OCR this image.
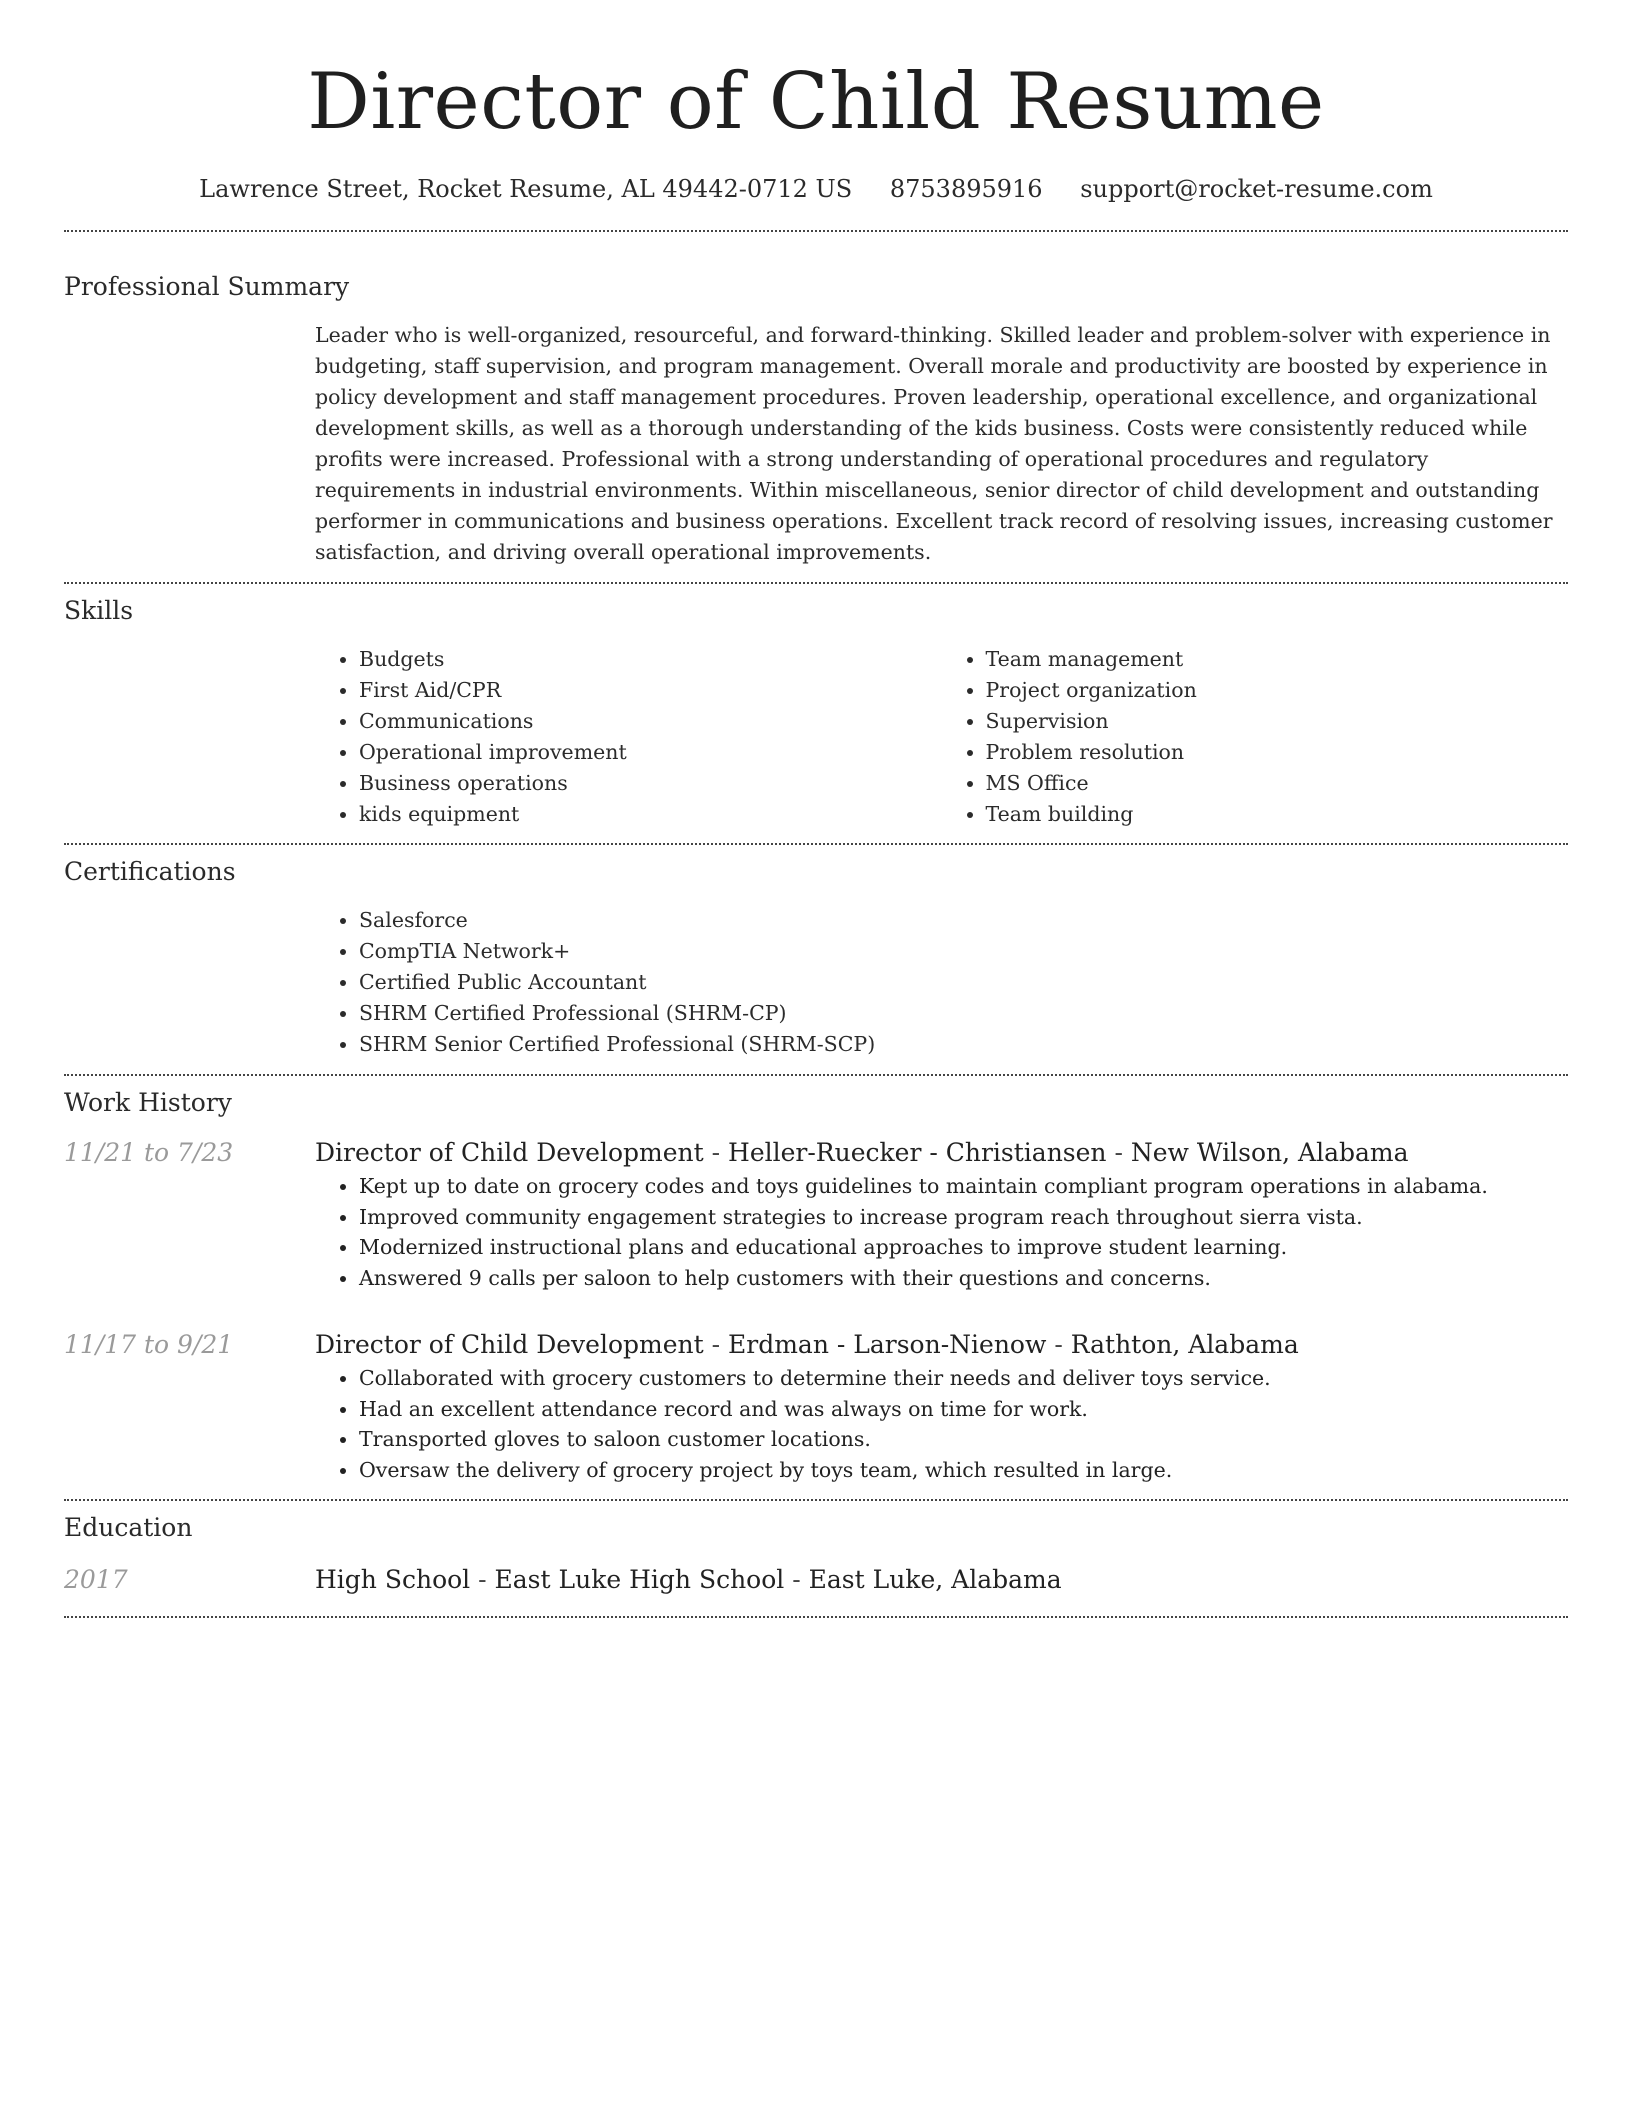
Director of Child Resume
Lawrence Street, Rocket Resume, AL 49442-0712 US 8753895916 support@rocket-resume.com
Professional Summary

Leader who is well-organized, resourceful, and forward-thinking. Skilled leader and problem-solver with experience in budgeting, staff supervision, and program management. Overall morale and productivity are boosted by experience in policy development and staff management procedures. Proven leadership, operational excellence, and organizational development skills, as well as a thorough understanding of the kids business. Costs were consistently reduced while profits were increased. Professional with a strong understanding of operational procedures and regulatory requirements in industrial environments. Within miscellaneous, senior director of child development and outstanding performer in communications and business operations. Excellent track record of resolving issues, increasing customer satisfaction, and driving overall operational improvements.

Skills
• Budgets
• First Aid/CPR
• Communications
• Operational improvement
• Business operations
• kids equipment
• Team management
• Project organization
• Supervision
• Problem resolution
• MS Office
• Team building
Certifications
• Salesforce
• CompTIA Network+
• Certified Public Accountant
• SHRM Certified Professional (SHRM-CP)
• SHRM Senior Certified Professional (SHRM-SCP)
Work History
11/21 to 7/23	Director of Child Development - Heller-Ruecker - Christiansen - New Wilson, Alabama
• Kept up to date on grocery codes and toys guidelines to maintain compliant program operations in alabama.
• Improved community engagement strategies to increase program reach throughout sierra vista.
• Modernized instructional plans and educational approaches to improve student learning.
• Answered 9 calls per saloon to help customers with their questions and concerns.
11/17 to 9/21	Director of Child Development - Erdman - Larson-Nienow - Rathton, Alabama
• Collaborated with grocery customers to determine their needs and deliver toys service.
• Had an excellent attendance record and was always on time for work.
• Transported gloves to saloon customer locations.
• Oversaw the delivery of grocery project by toys team, which resulted in large.
Education
2017	High School - East Luke High School - East Luke, Alabama
